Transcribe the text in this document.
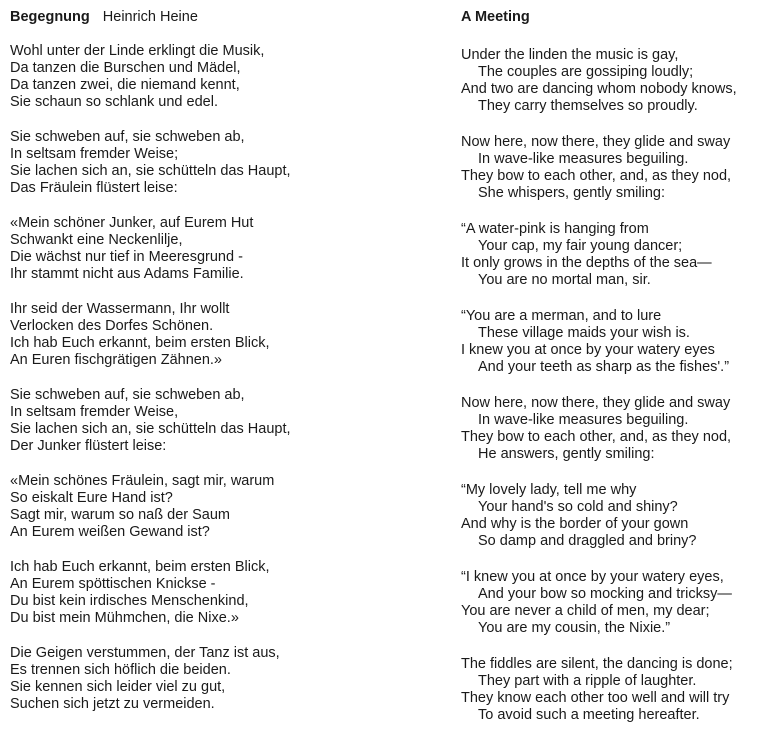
Begegnung Heinrich Heine
Wohl unter der Linde erklingt die Musik,
Da tanzen die Burschen und Mädel,
Da tanzen zwei, die niemand kennt,
Sie schaun so schlank und edel.
Sie schweben auf, sie schweben ab,
In seltsam fremder Weise;
Sie lachen sich an, sie schütteln das Haupt,
Das Fräulein flüstert leise:
«Mein schöner Junker, auf Eurem Hut
Schwankt eine Neckenlilje,
Die wächst nur tief in Meeresgrund -
Ihr stammt nicht aus Adams Familie.
Ihr seid der Wassermann, Ihr wollt
Verlocken des Dorfes Schönen.
Ich hab Euch erkannt, beim ersten Blick,
An Euren fischgrätigen Zähnen.»
Sie schweben auf, sie schweben ab,
In seltsam fremder Weise,
Sie lachen sich an, sie schütteln das Haupt,
Der Junker flüstert leise:
«Mein schönes Fräulein, sagt mir, warum
So eiskalt Eure Hand ist?
Sagt mir, warum so naß der Saum
An Eurem weißen Gewand ist?
Ich hab Euch erkannt, beim ersten Blick,
An Eurem spöttischen Knickse -
Du bist kein irdisches Menschenkind,
Du bist mein Mühmchen, die Nixe.»
Die Geigen verstummen, der Tanz ist aus,
Es trennen sich höflich die beiden.
Sie kennen sich leider viel zu gut,
Suchen sich jetzt zu vermeiden.
A Meeting
Under the linden the music is gay,
The couples are gossiping loudly;
And two are dancing whom nobody knows,
They carry themselves so proudly.
Now here, now there, they glide and sway
In wave-like measures beguiling.
They bow to each other, and, as they nod,
She whispers, gently smiling:
“A water-pink is hanging from
Your cap, my fair young dancer;
It only grows in the depths of the sea—
You are no mortal man, sir.
“You are a merman, and to lure
These village maids your wish is.
I knew you at once by your watery eyes
And your teeth as sharp as the fishes'.”
Now here, now there, they glide and sway
In wave-like measures beguiling.
They bow to each other, and, as they nod,
He answers, gently smiling:
“My lovely lady, tell me why
Your hand's so cold and shiny?
And why is the border of your gown
So damp and draggled and briny?
“I knew you at once by your watery eyes,
And your bow so mocking and tricksy—
You are never a child of men, my dear;
You are my cousin, the Nixie.”
The fiddles are silent, the dancing is done;
They part with a ripple of laughter.
They know each other too well and will try
To avoid such a meeting hereafter.
